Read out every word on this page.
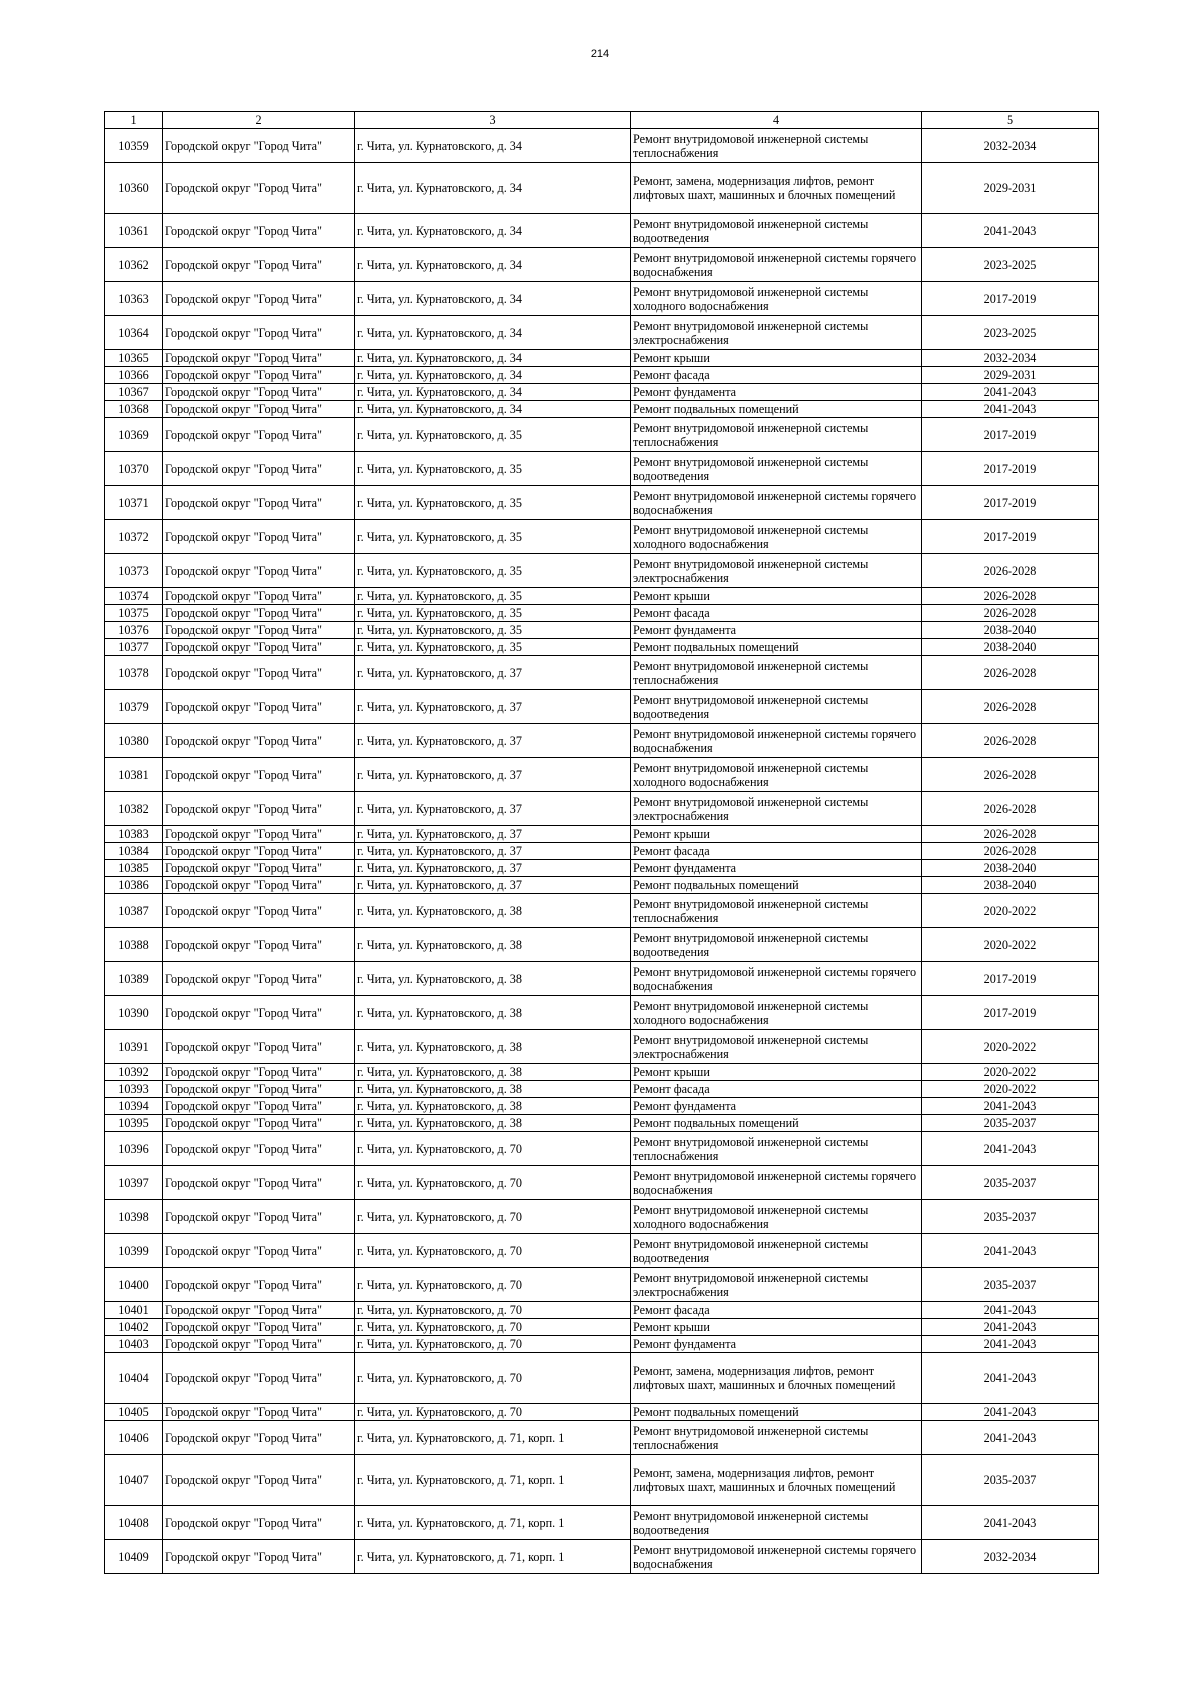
214
1	2	3	4	5
10359	Городской округ "Город Чита"	г. Чита, ул. Курнатовского, д. 34	Ремонт внутридомовой инженерной системы теплоснабжения	2032-2034
10360	Городской округ "Город Чита"	г. Чита, ул. Курнатовского, д. 34	Ремонт, замена, модернизация лифтов, ремонт лифтовых шахт, машинных и блочных помещений	2029-2031
10361	Городской округ "Город Чита"	г. Чита, ул. Курнатовского, д. 34	Ремонт внутридомовой инженерной системы водоотведения	2041-2043
10362	Городской округ "Город Чита"	г. Чита, ул. Курнатовского, д. 34	Ремонт внутридомовой инженерной системы горячего водоснабжения	2023-2025
10363	Городской округ "Город Чита"	г. Чита, ул. Курнатовского, д. 34	Ремонт внутридомовой инженерной системы холодного водоснабжения	2017-2019
10364	Городской округ "Город Чита"	г. Чита, ул. Курнатовского, д. 34	Ремонт внутридомовой инженерной системы электроснабжения	2023-2025
10365	Городской округ "Город Чита"	г. Чита, ул. Курнатовского, д. 34	Ремонт крыши	2032-2034
10366	Городской округ "Город Чита"	г. Чита, ул. Курнатовского, д. 34	Ремонт фасада	2029-2031
10367	Городской округ "Город Чита"	г. Чита, ул. Курнатовского, д. 34	Ремонт фундамента	2041-2043
10368	Городской округ "Город Чита"	г. Чита, ул. Курнатовского, д. 34	Ремонт подвальных помещений	2041-2043
10369	Городской округ "Город Чита"	г. Чита, ул. Курнатовского, д. 35	Ремонт внутридомовой инженерной системы теплоснабжения	2017-2019
10370	Городской округ "Город Чита"	г. Чита, ул. Курнатовского, д. 35	Ремонт внутридомовой инженерной системы водоотведения	2017-2019
10371	Городской округ "Город Чита"	г. Чита, ул. Курнатовского, д. 35	Ремонт внутридомовой инженерной системы горячего водоснабжения	2017-2019
10372	Городской округ "Город Чита"	г. Чита, ул. Курнатовского, д. 35	Ремонт внутридомовой инженерной системы холодного водоснабжения	2017-2019
10373	Городской округ "Город Чита"	г. Чита, ул. Курнатовского, д. 35	Ремонт внутридомовой инженерной системы электроснабжения	2026-2028
10374	Городской округ "Город Чита"	г. Чита, ул. Курнатовского, д. 35	Ремонт крыши	2026-2028
10375	Городской округ "Город Чита"	г. Чита, ул. Курнатовского, д. 35	Ремонт фасада	2026-2028
10376	Городской округ "Город Чита"	г. Чита, ул. Курнатовского, д. 35	Ремонт фундамента	2038-2040
10377	Городской округ "Город Чита"	г. Чита, ул. Курнатовского, д. 35	Ремонт подвальных помещений	2038-2040
10378	Городской округ "Город Чита"	г. Чита, ул. Курнатовского, д. 37	Ремонт внутридомовой инженерной системы теплоснабжения	2026-2028
10379	Городской округ "Город Чита"	г. Чита, ул. Курнатовского, д. 37	Ремонт внутридомовой инженерной системы водоотведения	2026-2028
10380	Городской округ "Город Чита"	г. Чита, ул. Курнатовского, д. 37	Ремонт внутридомовой инженерной системы горячего водоснабжения	2026-2028
10381	Городской округ "Город Чита"	г. Чита, ул. Курнатовского, д. 37	Ремонт внутридомовой инженерной системы холодного водоснабжения	2026-2028
10382	Городской округ "Город Чита"	г. Чита, ул. Курнатовского, д. 37	Ремонт внутридомовой инженерной системы электроснабжения	2026-2028
10383	Городской округ "Город Чита"	г. Чита, ул. Курнатовского, д. 37	Ремонт крыши	2026-2028
10384	Городской округ "Город Чита"	г. Чита, ул. Курнатовского, д. 37	Ремонт фасада	2026-2028
10385	Городской округ "Город Чита"	г. Чита, ул. Курнатовского, д. 37	Ремонт фундамента	2038-2040
10386	Городской округ "Город Чита"	г. Чита, ул. Курнатовского, д. 37	Ремонт подвальных помещений	2038-2040
10387	Городской округ "Город Чита"	г. Чита, ул. Курнатовского, д. 38	Ремонт внутридомовой инженерной системы теплоснабжения	2020-2022
10388	Городской округ "Город Чита"	г. Чита, ул. Курнатовского, д. 38	Ремонт внутридомовой инженерной системы водоотведения	2020-2022
10389	Городской округ "Город Чита"	г. Чита, ул. Курнатовского, д. 38	Ремонт внутридомовой инженерной системы горячего водоснабжения	2017-2019
10390	Городской округ "Город Чита"	г. Чита, ул. Курнатовского, д. 38	Ремонт внутридомовой инженерной системы холодного водоснабжения	2017-2019
10391	Городской округ "Город Чита"	г. Чита, ул. Курнатовского, д. 38	Ремонт внутридомовой инженерной системы электроснабжения	2020-2022
10392	Городской округ "Город Чита"	г. Чита, ул. Курнатовского, д. 38	Ремонт крыши	2020-2022
10393	Городской округ "Город Чита"	г. Чита, ул. Курнатовского, д. 38	Ремонт фасада	2020-2022
10394	Городской округ "Город Чита"	г. Чита, ул. Курнатовского, д. 38	Ремонт фундамента	2041-2043
10395	Городской округ "Город Чита"	г. Чита, ул. Курнатовского, д. 38	Ремонт подвальных помещений	2035-2037
10396	Городской округ "Город Чита"	г. Чита, ул. Курнатовского, д. 70	Ремонт внутридомовой инженерной системы теплоснабжения	2041-2043
10397	Городской округ "Город Чита"	г. Чита, ул. Курнатовского, д. 70	Ремонт внутридомовой инженерной системы горячего водоснабжения	2035-2037
10398	Городской округ "Город Чита"	г. Чита, ул. Курнатовского, д. 70	Ремонт внутридомовой инженерной системы холодного водоснабжения	2035-2037
10399	Городской округ "Город Чита"	г. Чита, ул. Курнатовского, д. 70	Ремонт внутридомовой инженерной системы водоотведения	2041-2043
10400	Городской округ "Город Чита"	г. Чита, ул. Курнатовского, д. 70	Ремонт внутридомовой инженерной системы электроснабжения	2035-2037
10401	Городской округ "Город Чита"	г. Чита, ул. Курнатовского, д. 70	Ремонт фасада	2041-2043
10402	Городской округ "Город Чита"	г. Чита, ул. Курнатовского, д. 70	Ремонт крыши	2041-2043
10403	Городской округ "Город Чита"	г. Чита, ул. Курнатовского, д. 70	Ремонт фундамента	2041-2043
10404	Городской округ "Город Чита"	г. Чита, ул. Курнатовского, д. 70	Ремонт, замена, модернизация лифтов, ремонт лифтовых шахт, машинных и блочных помещений	2041-2043
10405	Городской округ "Город Чита"	г. Чита, ул. Курнатовского, д. 70	Ремонт подвальных помещений	2041-2043
10406	Городской округ "Город Чита"	г. Чита, ул. Курнатовского, д. 71, корп. 1	Ремонт внутридомовой инженерной системы теплоснабжения	2041-2043
10407	Городской округ "Город Чита"	г. Чита, ул. Курнатовского, д. 71, корп. 1	Ремонт, замена, модернизация лифтов, ремонт лифтовых шахт, машинных и блочных помещений	2035-2037
10408	Городской округ "Город Чита"	г. Чита, ул. Курнатовского, д. 71, корп. 1	Ремонт внутридомовой инженерной системы водоотведения	2041-2043
10409	Городской округ "Город Чита"	г. Чита, ул. Курнатовского, д. 71, корп. 1	Ремонт внутридомовой инженерной системы горячего водоснабжения	2032-2034
